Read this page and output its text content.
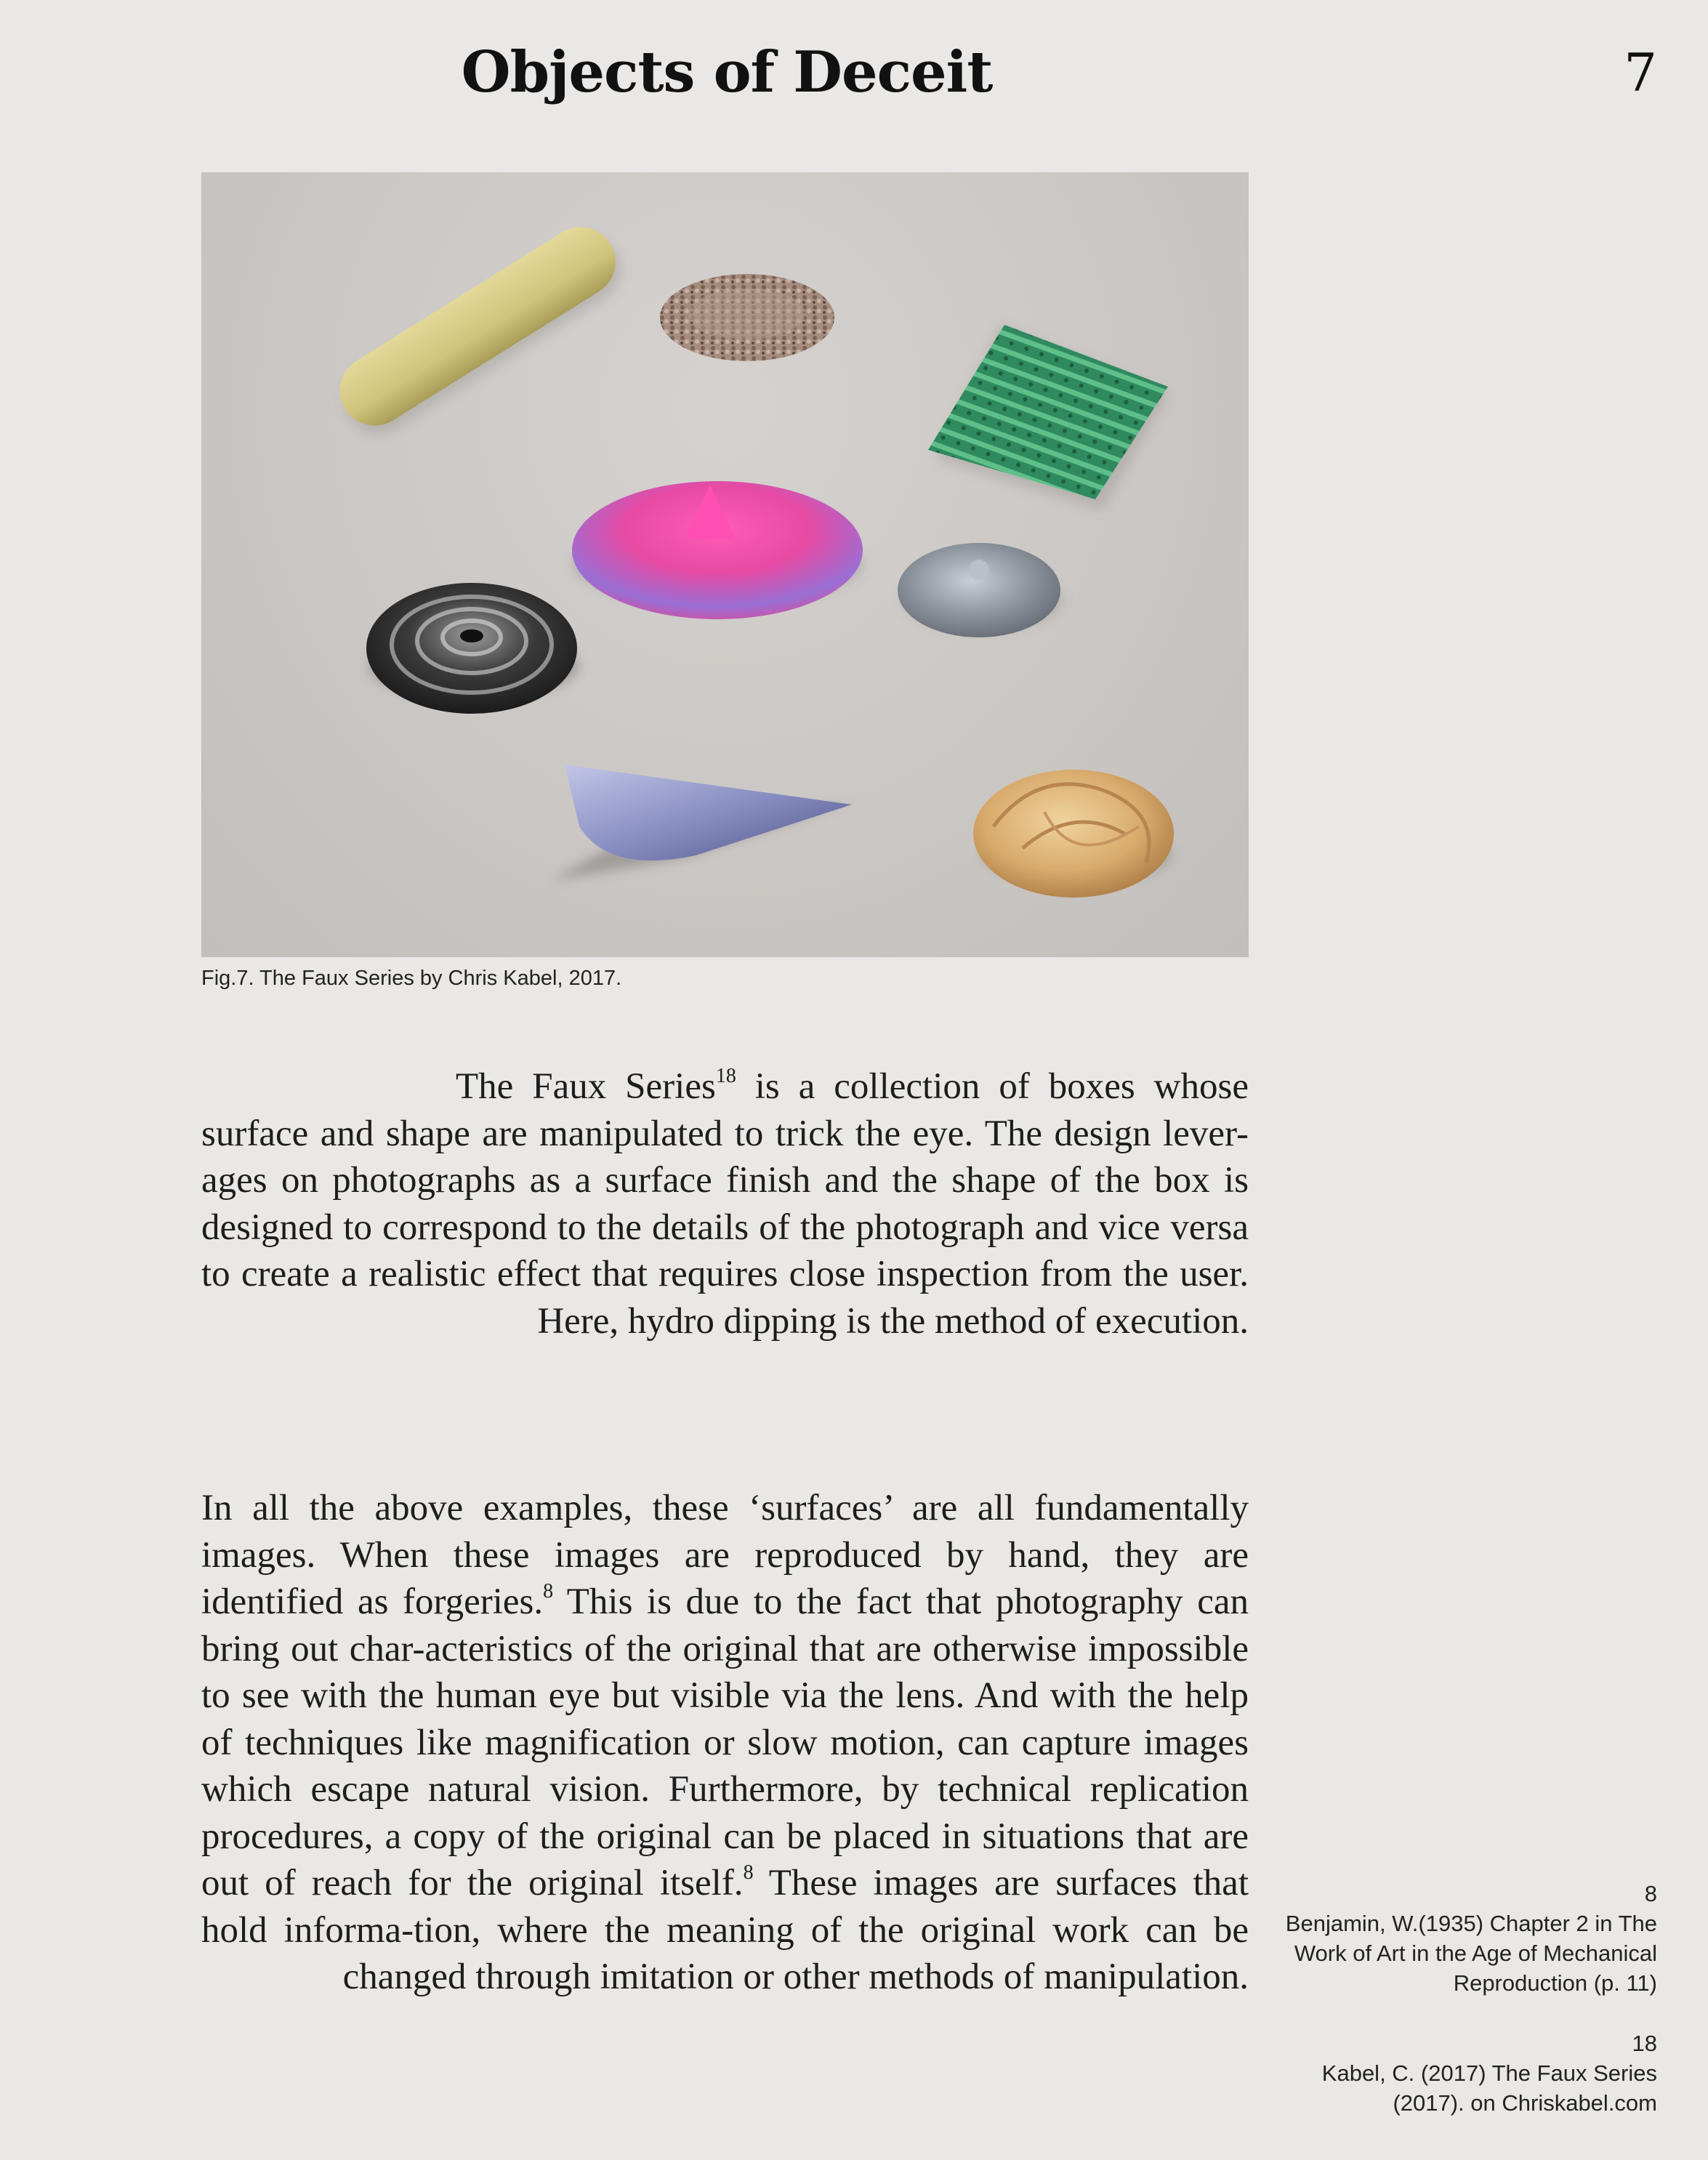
Objects of Deceit	7
Fig.7. The Faux Series by Chris Kabel, 2017.

The Faux Series$^{18}$ is a collection of boxes whose surface and shape are manipulated to trick the eye. The design lever-ages on photographs as a surface finish and the shape of the box is designed to correspond to the details of the photograph and vice versa to create a realistic effect that requires close inspection from the user. Here, hydro dipping is the method of execution.

In all the above examples, these ‘surfaces’ are all fundamentally images. When these images are reproduced by hand, they are identified as forgeries.$^8$ This is due to the fact that photography can bring out char-acteristics of the original that are otherwise impossible to see with the human eye but visible via the lens. And with the help of techniques like magnification or slow motion, can capture images which escape natural vision. Furthermore, by technical replication procedures, a copy of the original can be placed in situations that are out of reach for the original itself.$^8$ These images are surfaces that hold informa-tion, where the meaning of the original work can be changed through imitation or other methods of manipulation.

8
Benjamin, W.(1935) Chapter 2 in The Work of Art in the Age of Mechanical Reproduction (p. 11)
18
Kabel, C. (2017) The Faux Series (2017). on Chriskabel.com
